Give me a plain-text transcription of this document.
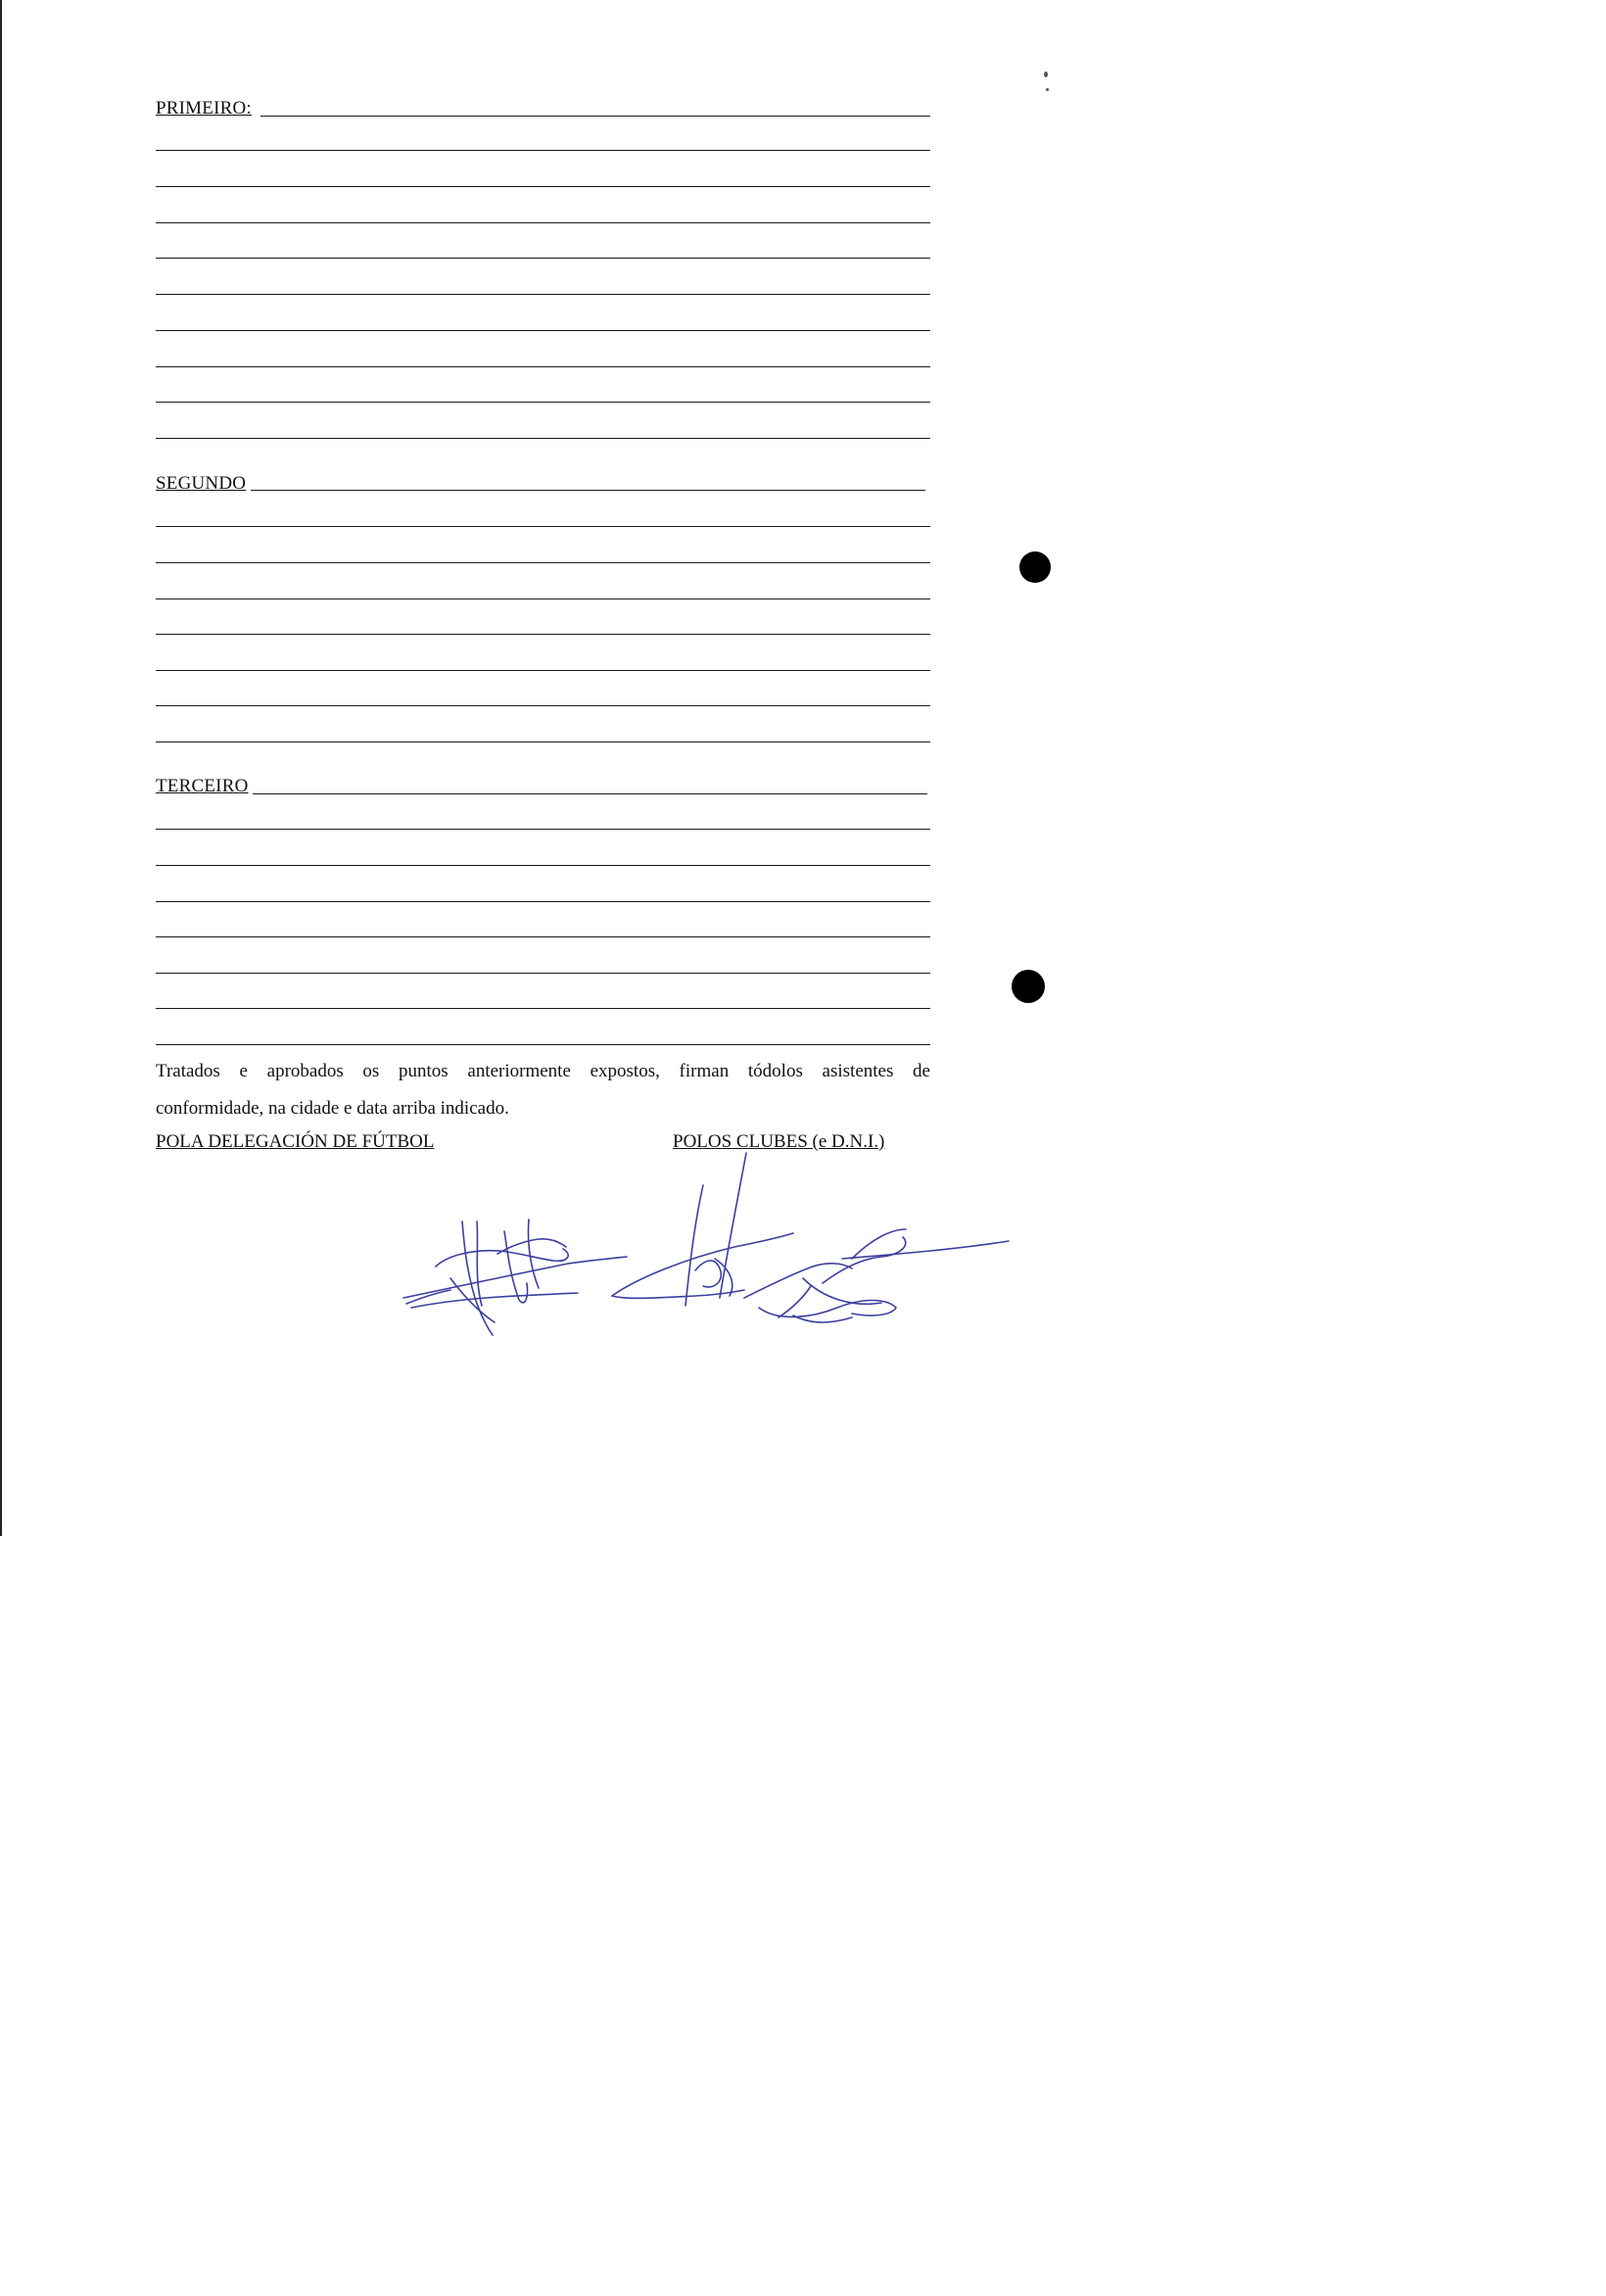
PRIMEIRO:
SEGUNDO
TERCEIRO
Tratados e aprobados os puntos anteriormente expostos, firman tódolos asistentes de
conformidade, na cidade e data arriba indicado.
POLA DELEGACIÓN DE FÚTBOL	POLOS CLUBES (e D.N.I.)
